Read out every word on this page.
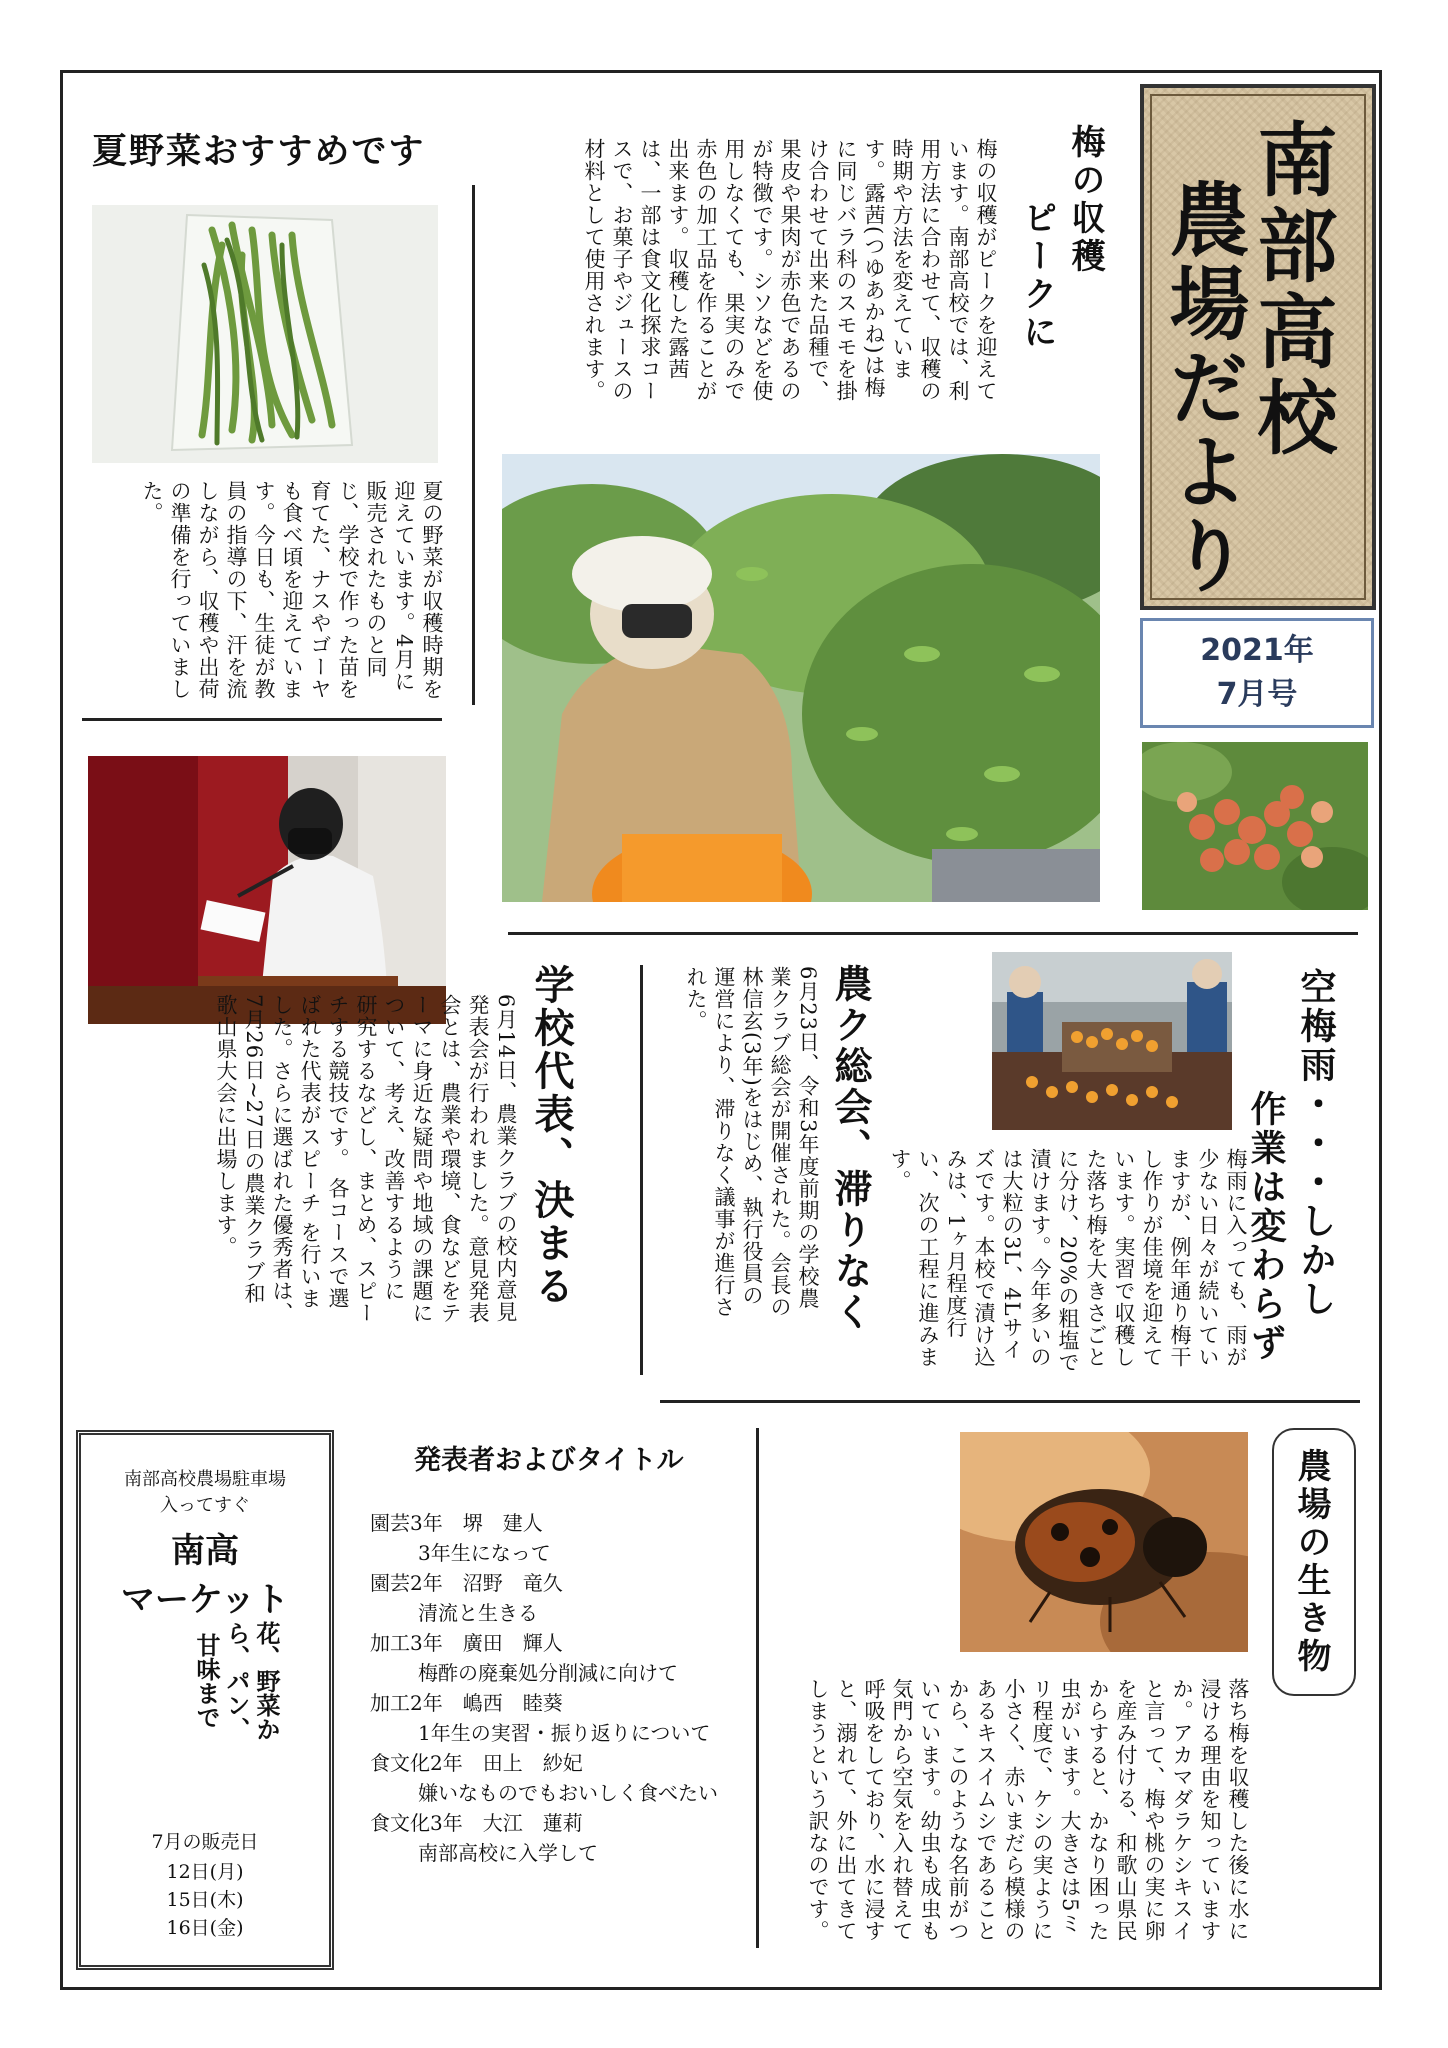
南部高校
農場だより
2021年
7月号
夏野菜おすすめです
夏の野菜が収穫時期を迎えています。4月に販売されたものと同じ、学校で作った苗を育てた、ナスやゴーヤも食べ頃を迎えています。今日も、生徒が教員の指導の下、汗を流しながら、収穫や出荷の準備を行っていました。
梅の収穫
ピークに
梅の収穫がピークを迎えています。南部高校では、利用方法に合わせて、収穫の時期や方法を変えています。露茜(つゆあかね)は梅に同じバラ科のスモモを掛け合わせて出来た品種で、果皮や果肉が赤色であるのが特徴です。シソなどを使用しなくても、果実のみで赤色の加工品を作ることが出来ます。収穫した露茜は、一部は食文化探求コースで、お菓子やジュースの材料として使用されます。
空梅雨・・・しかし
作業は変わらず
梅雨に入っても、雨が少ない日々が続いていますが、例年通り梅干し作りが佳境を迎えています。実習で収穫した落ち梅を大きさごとに分け、20%の粗塩で漬けます。今年多いのは大粒の3L、4Lサイズです。本校で漬け込みは、1ヶ月程度行い、次の工程に進みます。
農ク総会、滞りなく
6月23日、令和3年度前期の学校農業クラブ総会が開催された。会長の林信玄(3年)をはじめ、執行役員の運営により、滞りなく議事が進行された。
学校代表、決まる
6月14日、農業クラブの校内意見発表会が行われました。意見発表会とは、農業や環境、食などをテーマに身近な疑問や地域の課題について、考え、改善するように 研究するなどし、まとめ、スピーチする競技です。 各コースで選ばれた代表がスピーチ を行いました。さらに選ばれた優秀者は、7月26日~27日の農業クラブ和歌山県大会に出場します。
南部高校農場駐車場
入ってすぐ
南高
マーケット
花、野菜から、パン、甘味まで
7月の販売日
12日(月)
15日(木)
16日(金)
発表者およびタイトル
園芸3年　堺　建人
3年生になって
園芸2年　沼野　竜久
清流と生きる
加工3年　廣田　輝人
梅酢の廃棄処分削減に向けて
加工2年　嶋西　睦葵
1年生の実習・振り返りについて
食文化2年　田上　紗妃
嫌いなものでもおいしく食べたい
食文化3年　大江　蓮莉
南部高校に入学して
農場の生き物
落ち梅を収穫した後に水に浸ける理由を知っていますか。アカマダラケシキスイと言って、梅や桃の実に卵を産み付ける、和歌山県民からすると、かなり困った虫がいます。大きさは5ミリ程度で、ケシの実ように小さく、赤いまだら模様のあるキスイムシであることから、このような名前がついています。幼虫も成虫も気門から空気を入れ替えて呼吸をしており、水に浸すと、溺れて、外に出てきてしまうという訳なのです。
